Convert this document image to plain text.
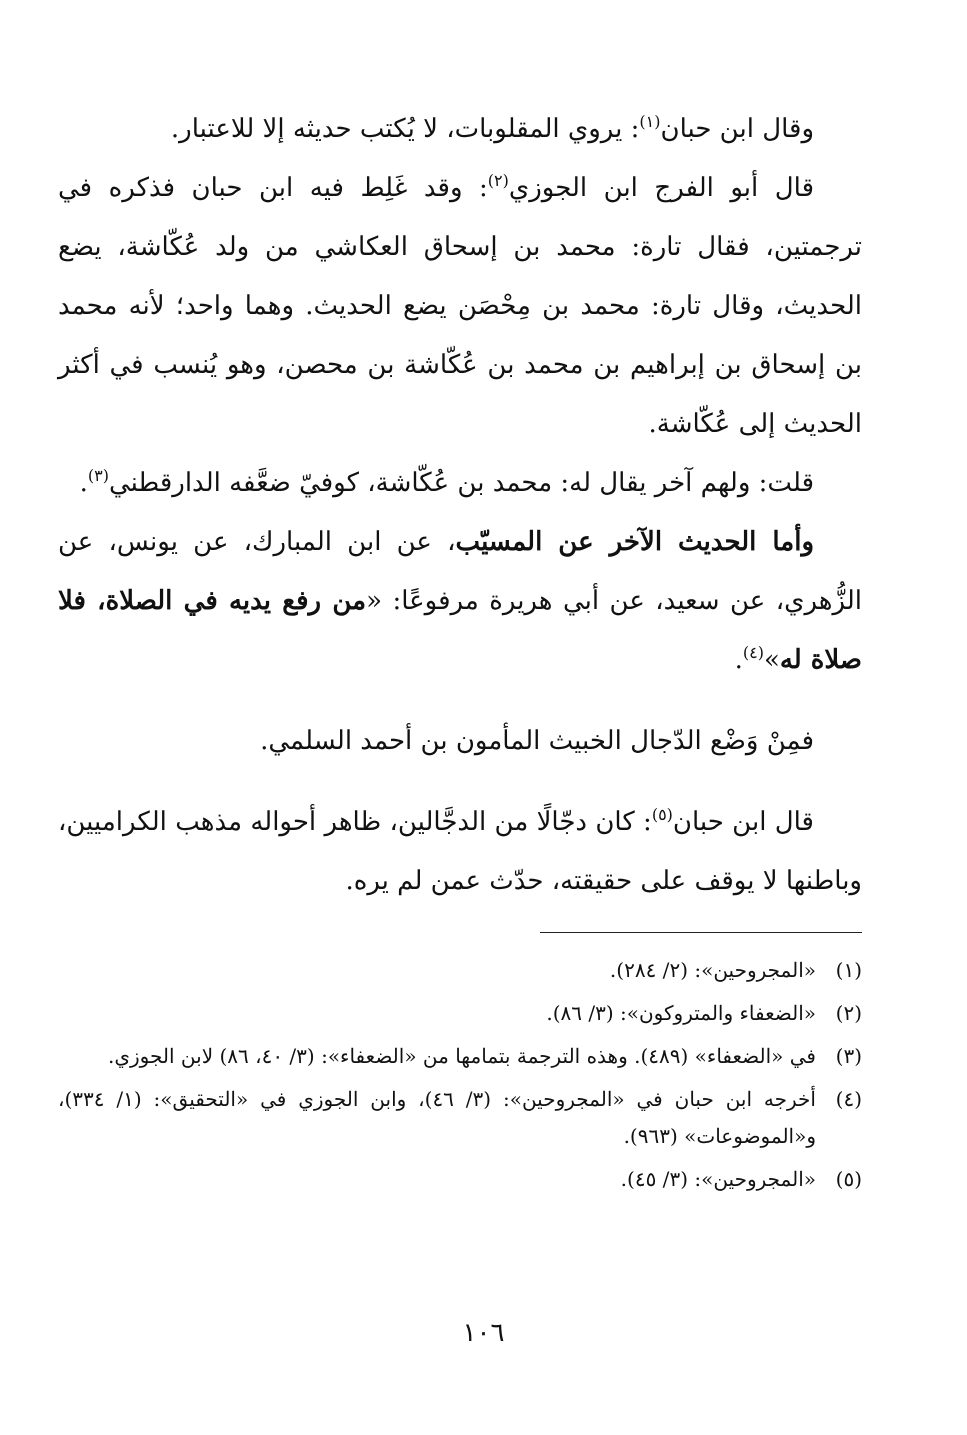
وقال ابن حبان$^{(١)}$: يروي المقلوبات، لا يُكتب حديثه إلا للاعتبار.

قال أبو الفرج ابن الجوزي$^{(٢)}$: وقد غَلِط فيه ابن حبان فذكره في ترجمتين، فقال تارة: محمد بن إسحاق العكاشي من ولد عُكّاشة، يضع الحديث، وقال تارة: محمد بن مِحْصَن يضع الحديث. وهما واحد؛ لأنه محمد بن إسحاق بن إبراهيم بن محمد بن عُكّاشة بن محصن، وهو يُنسب في أكثر الحديث إلى عُكّاشة.

قلت: ولهم آخر يقال له: محمد بن عُكّاشة، كوفيّ ضعَّفه الدارقطني$^{(٣)}$.

وأما الحديث الآخر عن المسيّب، عن ابن المبارك، عن يونس، عن الزُّهري، عن سعيد، عن أبي هريرة مرفوعًا: «من رفع يديه في الصلاة، فلا صلاة له»$^{(٤)}$.

فمِنْ وَضْع الدّجال الخبيث المأمون بن أحمد السلمي.

قال ابن حبان$^{(٥)}$: كان دجّالًا من الدجَّالين، ظاهر أحواله مذهب الكراميين، وباطنها لا يوقف على حقيقته، حدّث عمن لم يره.

(١)
«المجروحين»: (٢/ ٢٨٤).
(٢)
«الضعفاء والمتروكون»: (٣/ ٨٦).
(٣)
في «الضعفاء» (٤٨٩). وهذه الترجمة بتمامها من «الضعفاء»: (٣/ ٤٠، ٨٦) لابن الجوزي.
(٤)
أخرجه ابن حبان في «المجروحين»: (٣/ ٤٦)، وابن الجوزي في «التحقيق»: (١/ ٣٣٤)، و«الموضوعات» (٩٦٣).
(٥)
«المجروحين»: (٣/ ٤٥).
١٠٦
